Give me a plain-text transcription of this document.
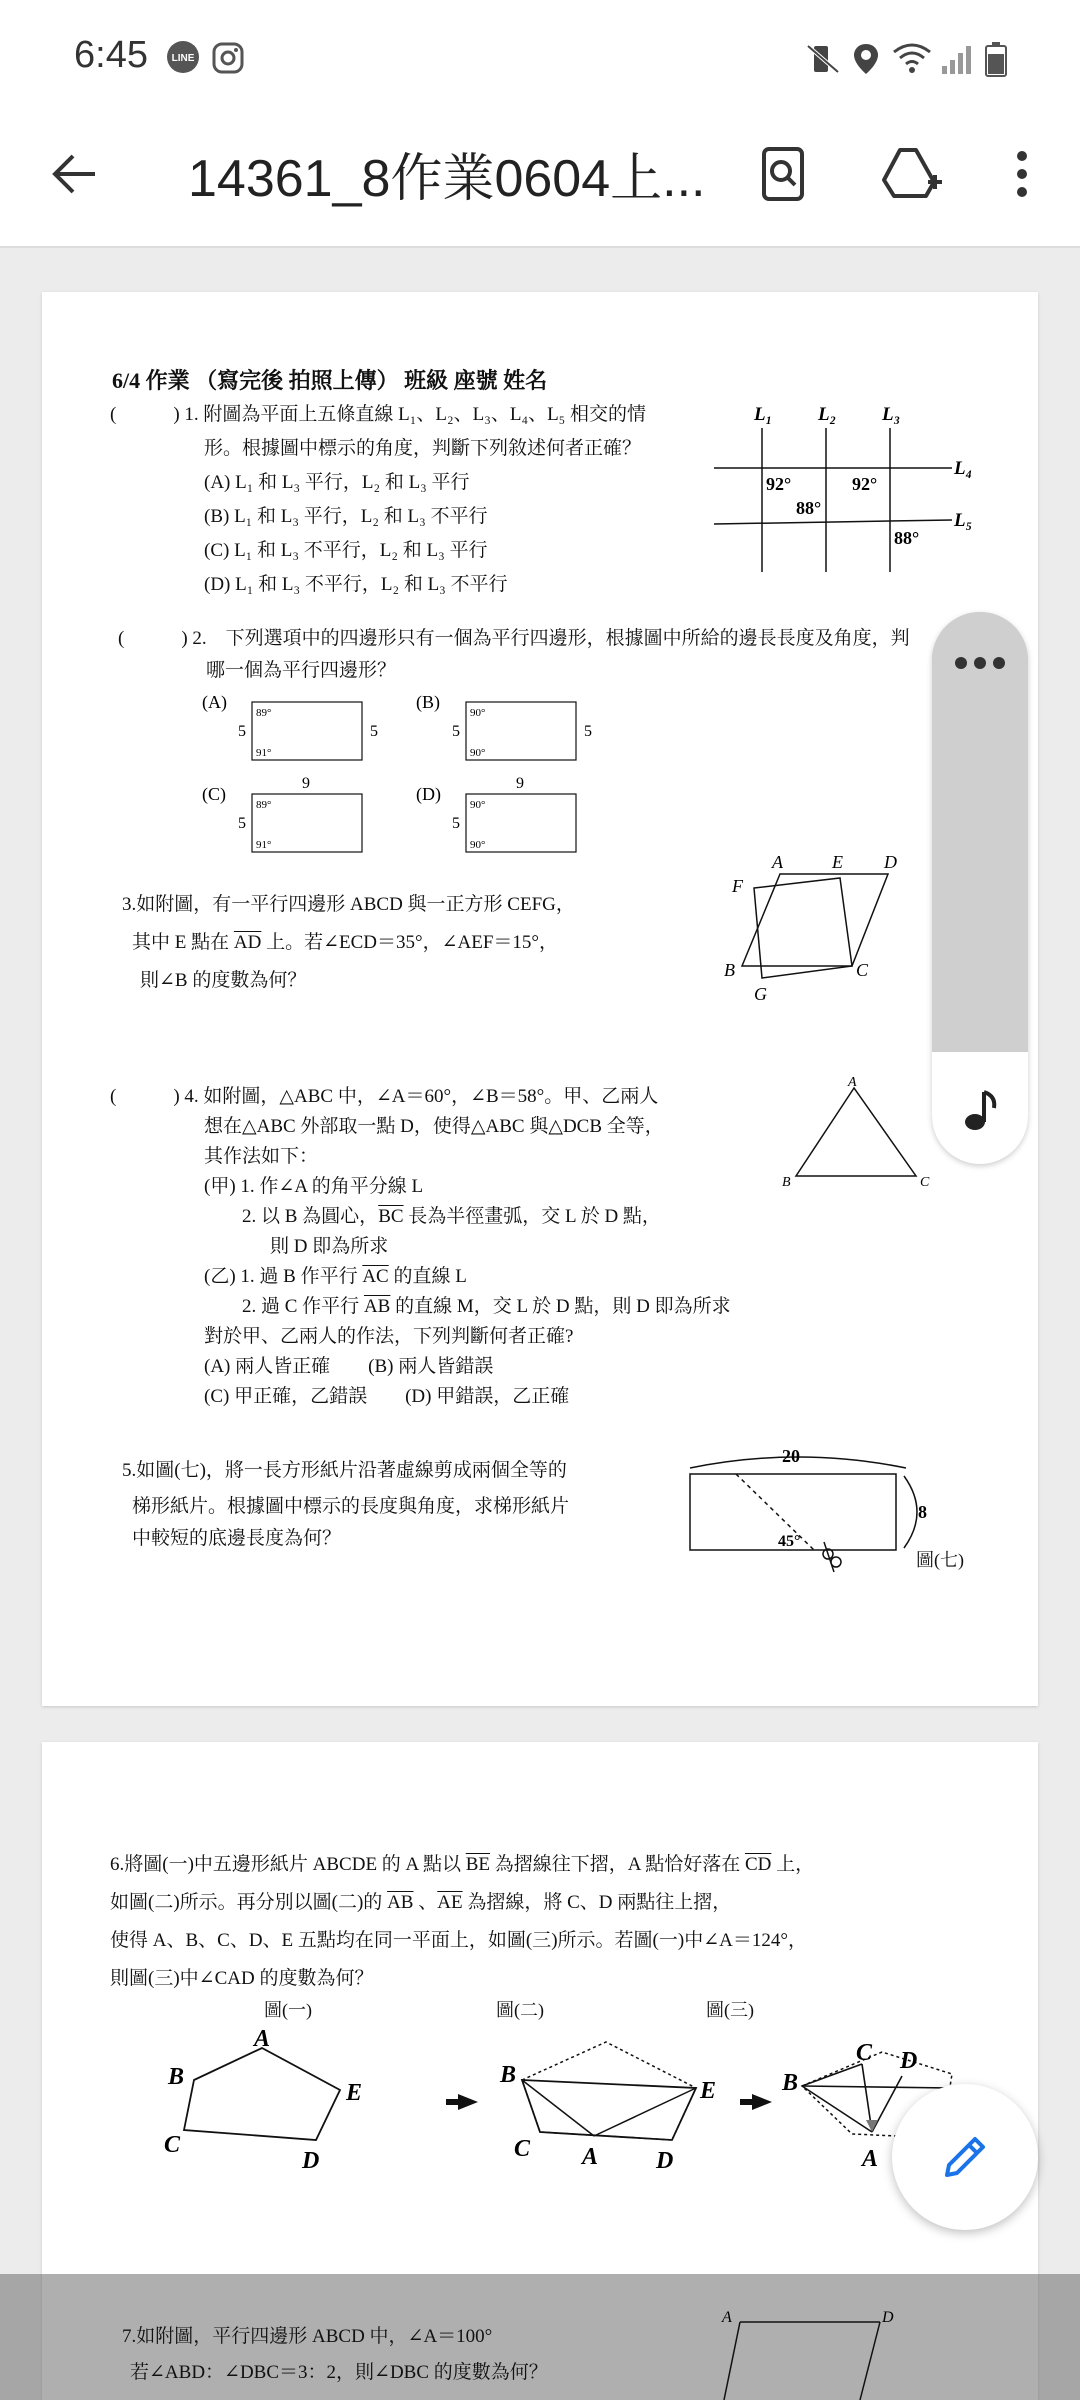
6:45 LINE
14361_8作業0604上...
6/4 作業 （寫完後 拍照上傳） 班級 座號 姓名
(　　　) 1. 附圖為平面上五條直線 L₁、L₂、L₃、L₄、L₅ 相交的情
形。根據圖中標示的角度，判斷下列敘述何者正確？
(A) L₁ 和 L₃ 平行，L₂ 和 L₃ 平行
(B) L₁ 和 L₃ 平行，L₂ 和 L₃ 不平行
(C) L₁ 和 L₃ 不平行，L₂ 和 L₃ 平行
(D) L₁ 和 L₃ 不平行，L₂ 和 L₃ 不平行
L₁ L₂ L₃
L₄
L₅
92°
88°
92°
88°
(　　　) 2.　下列選項中的四邊形只有一個為平行四邊形，根據圖中所給的邊長長度及角度，判
哪一個為平行四邊形？
(A)
89°
91°
5	5
(B)
90°
90°
5	5
(C)
9
89°
91°
5
(D)
9
90°
90°
5
3.如附圖，有一平行四邊形 ABCD 與一正方形 CEFG，
其中 E 點在 $\overline{AD}$ 上。若∠ECD＝35°，∠AEF＝15°，
則∠B 的度數為何？
A	E D
F
B	C
G
(　　　) 4. 如附圖，△ABC 中，∠A＝60°，∠B＝58°。甲、乙兩人
想在△ABC 外部取一點 D，使得△ABC 與△DCB 全等，
其作法如下：
(甲) 1. 作∠A 的角平分線 L
2. 以 B 為圓心，$\overline{BC}$ 長為半徑畫弧，交 L 於 D 點，
則 D 即為所求
(乙) 1. 過 B 作平行 $\overline{AC}$ 的直線 L
2. 過 C 作平行 $\overline{AB}$ 的直線 M，交 L 於 D 點，則 D 即為所求
對於甲、乙兩人的作法，下列判斷何者正確?
(A) 兩人皆正確　　(B) 兩人皆錯誤
(C) 甲正確，乙錯誤　　(D) 甲錯誤，乙正確
A
B	C
5.如圖(七)，將一長方形紙片沿著虛線剪成兩個全等的
梯形紙片。根據圖中標示的長度與角度，求梯形紙片
中較短的底邊長度為何？
20
8
45°
圖(七)
6.將圖(一)中五邊形紙片 ABCDE 的 A 點以 $\overline{BE}$ 為摺線往下摺，A 點恰好落在 $\overline{CD}$ 上，
如圖(二)所示。再分別以圖(二)的 $\overline{AB}$ 、$\overline{AE}$ 為摺線，將 C、D 兩點往上摺，
使得 A、B、C、D、E 五點均在同一平面上，如圖(三)所示。若圖(一)中∠A＝124°，
則圖(三)中∠CAD 的度數為何？
圖(一)	圖(二)	圖(三)
A
B
E
C
D
B
E
C A D
B
C D
A
7.如附圖，平行四邊形 ABCD 中，∠A＝100°
若∠ABD：∠DBC＝3：2，則∠DBC 的度數為何？
A	D
